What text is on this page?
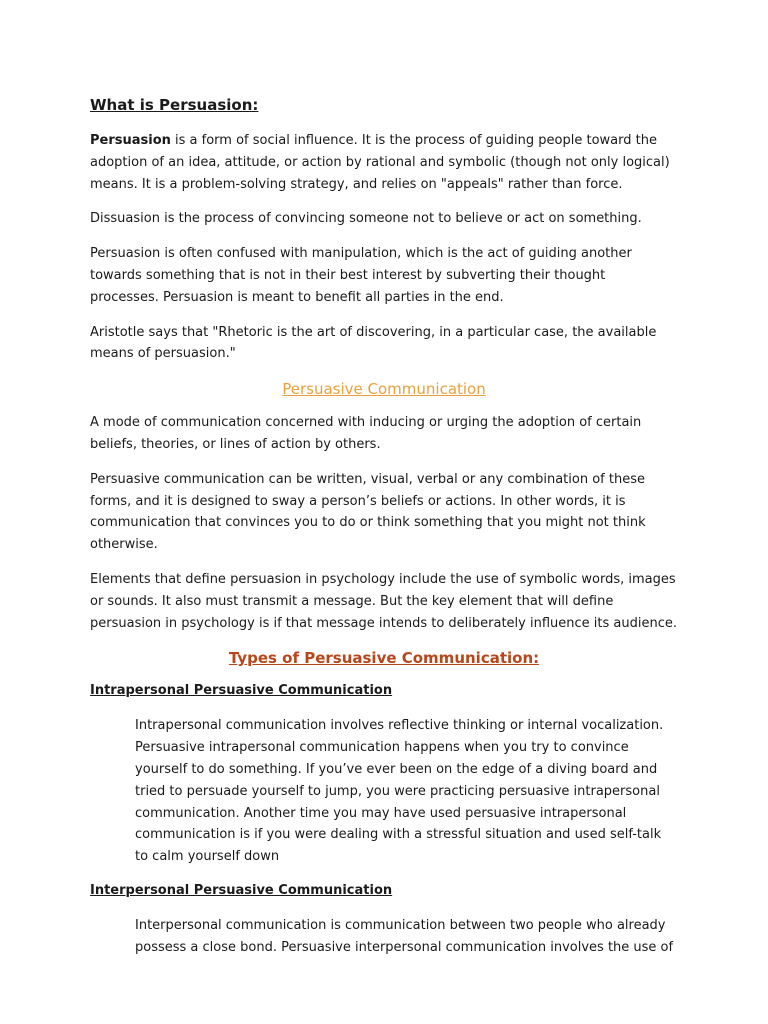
What is Persuasion:

Persuasion is a form of social influence. It is the process of guiding people toward the adoption of an idea, attitude, or action by rational and symbolic (though not only logical) means. It is a problem-solving strategy, and relies on "appeals" rather than force.

Dissuasion is the process of convincing someone not to believe or act on something.

Persuasion is often confused with manipulation, which is the act of guiding another towards something that is not in their best interest by subverting their thought processes. Persuasion is meant to benefit all parties in the end.

Aristotle says that "Rhetoric is the art of discovering, in a particular case, the available means of persuasion."

Persuasive Communication

A mode of communication concerned with inducing or urging the adoption of certain beliefs, theories, or lines of action by others.

Persuasive communication can be written, visual, verbal or any combination of these forms, and it is designed to sway a person’s beliefs or actions. In other words, it is communication that convinces you to do or think something that you might not think otherwise.

Elements that define persuasion in psychology include the use of symbolic words, images or sounds. It also must transmit a message. But the key element that will define persuasion in psychology is if that message intends to deliberately influence its audience.

Types of Persuasive Communication:
Intrapersonal Persuasive Communication

Intrapersonal communication involves reflective thinking or internal vocalization. Persuasive intrapersonal communication happens when you try to convince yourself to do something. If you’ve ever been on the edge of a diving board and tried to persuade yourself to jump, you were practicing persuasive intrapersonal communication. Another time you may have used persuasive intrapersonal communication is if you were dealing with a stressful situation and used self-talk to calm yourself down

Interpersonal Persuasive Communication

Interpersonal communication is communication between two people who already possess a close bond. Persuasive interpersonal communication involves the use of
